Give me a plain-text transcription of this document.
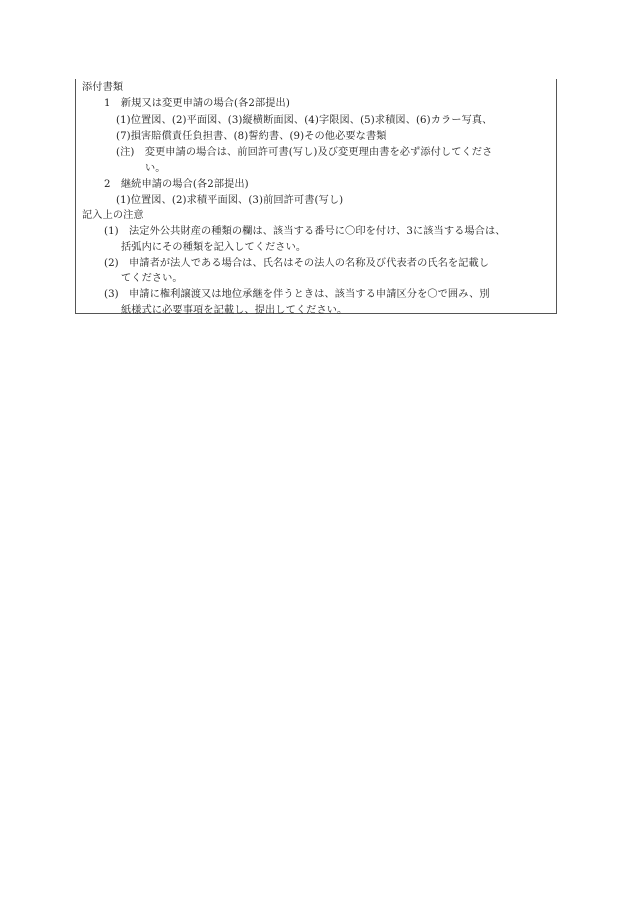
添付書類
1　新規又は変更申請の場合(各2部提出)
(1)位置図、(2)平面図、(3)縦横断面図、(4)字限図、(5)求積図、(6)カラー写真、
(7)損害賠償責任負担書、(8)誓約書、(9)その他必要な書類
(注)　変更申請の場合は、前回許可書(写し)及び変更理由書を必ず添付してくださ
い。
2　継続申請の場合(各2部提出)
(1)位置図、(2)求積平面図、(3)前回許可書(写し)
記入上の注意
(1)　法定外公共財産の種類の欄は、該当する番号に〇印を付け、3に該当する場合は、
括弧内にその種類を記入してください。
(2)　申請者が法人である場合は、氏名はその法人の名称及び代表者の氏名を記載し
てください。
(3)　申請に権利譲渡又は地位承継を伴うときは、該当する申請区分を〇で囲み、別
紙様式に必要事項を記載し、提出してください。
